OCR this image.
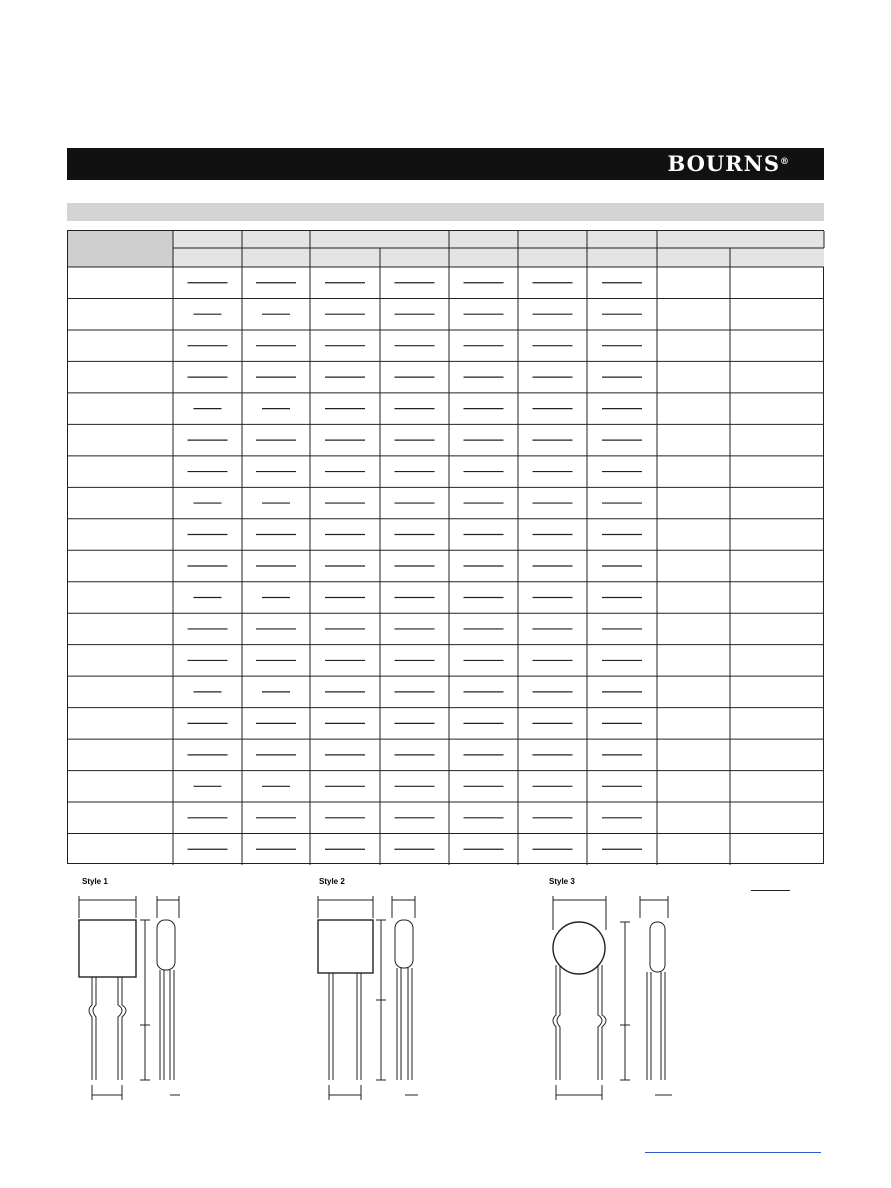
BOURNS®
Style 1	Style 2	Style 3
